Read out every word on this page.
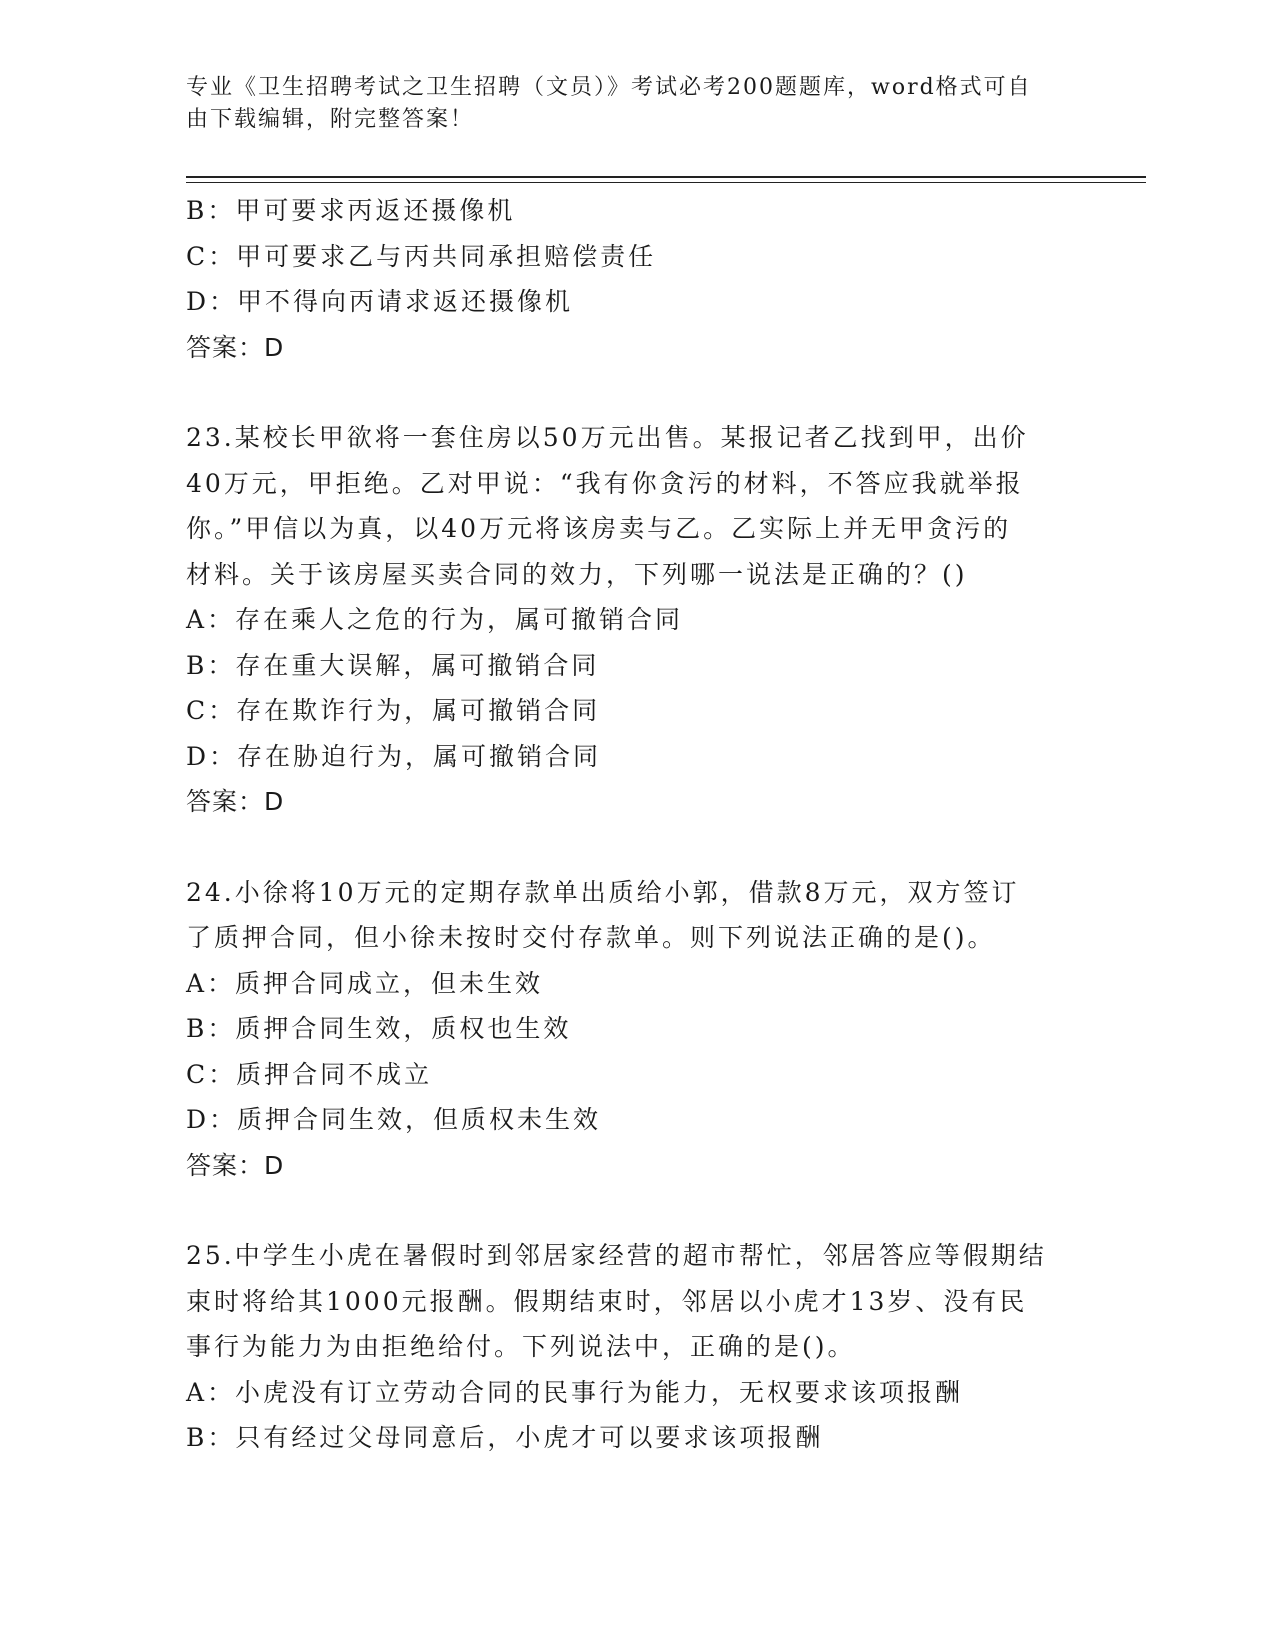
专业《卫生招聘考试之卫生招聘（文员）》考试必考200题题库，word格式可自
由下载编辑，附完整答案！
B：甲可要求丙返还摄像机
C：甲可要求乙与丙共同承担赔偿责任
D：甲不得向丙请求返还摄像机
答案：D
23.某校长甲欲将一套住房以50万元出售。某报记者乙找到甲，出价
40万元，甲拒绝。乙对甲说：“我有你贪污的材料，不答应我就举报
你。”甲信以为真，以40万元将该房卖与乙。乙实际上并无甲贪污的
材料。关于该房屋买卖合同的效力，下列哪一说法是正确的？()
A：存在乘人之危的行为，属可撤销合同
B：存在重大误解，属可撤销合同
C：存在欺诈行为，属可撤销合同
D：存在胁迫行为，属可撤销合同
答案：D
24.小徐将10万元的定期存款单出质给小郭，借款8万元，双方签订
了质押合同，但小徐未按时交付存款单。则下列说法正确的是()。
A：质押合同成立，但未生效
B：质押合同生效，质权也生效
C：质押合同不成立
D：质押合同生效，但质权未生效
答案：D
25.中学生小虎在暑假时到邻居家经营的超市帮忙，邻居答应等假期结
束时将给其1000元报酬。假期结束时，邻居以小虎才13岁、没有民
事行为能力为由拒绝给付。下列说法中，正确的是()。
A：小虎没有订立劳动合同的民事行为能力，无权要求该项报酬
B：只有经过父母同意后，小虎才可以要求该项报酬
